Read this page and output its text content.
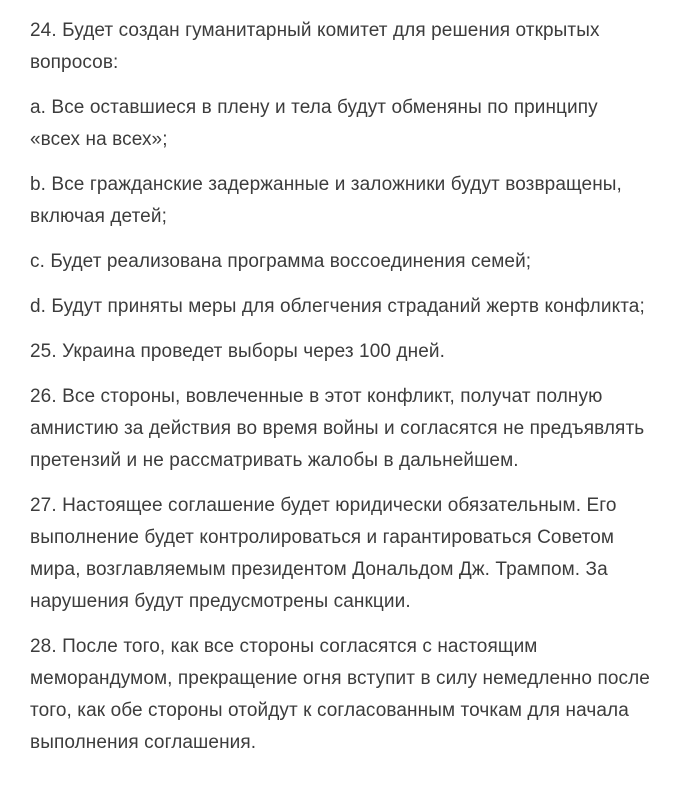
24. Будет создан гуманитарный комитет для решения открытых вопросов:

a. Все оставшиеся в плену и тела будут обменяны по принципу «всех на всех»;

b. Все гражданские задержанные и заложники будут возвращены, включая детей;

c. Будет реализована программа воссоединения семей;

d. Будут приняты меры для облегчения страданий жертв конфликта;

25. Украина проведет выборы через 100 дней.

26. Все стороны, вовлеченные в этот конфликт, получат полную амнистию за действия во время войны и согласятся не предъявлять претензий и не рассматривать жалобы в дальнейшем.

27. Настоящее соглашение будет юридически обязательным. Его выполнение будет контролироваться и гарантироваться Советом мира, возглавляемым президентом Дональдом Дж. Трампом. За нарушения будут предусмотрены санкции.

28. После того, как все стороны согласятся с настоящим меморандумом, прекращение огня вступит в силу немедленно после того, как обе стороны отойдут к согласованным точкам для начала выполнения соглашения.
